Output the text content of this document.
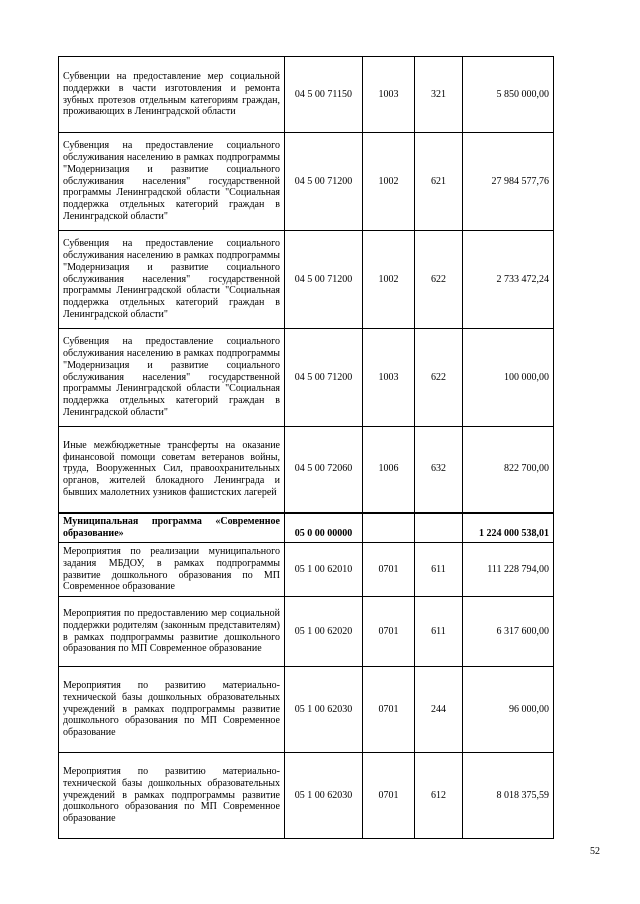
Субвенции на предоставление мер социальной поддержки в части изготовления и ремонта зубных протезов отдельным категориям граждан, проживающих в Ленинградской области	04 5 00 71150	1003	321	5 850 000,00
Субвенция на предоставление социального обслуживания населению в рамках подпрограммы "Модернизация и развитие социального обслуживания населения" государственной программы Ленинградской области "Социальная поддержка отдельных категорий граждан в Ленинградской области"	04 5 00 71200	1002	621	27 984 577,76
Субвенция на предоставление социального обслуживания населению в рамках подпрограммы "Модернизация и развитие социального обслуживания населения" государственной программы Ленинградской области "Социальная поддержка отдельных категорий граждан в Ленинградской области"	04 5 00 71200	1002	622	2 733 472,24
Субвенция на предоставление социального обслуживания населению в рамках подпрограммы "Модернизация и развитие социального обслуживания населения" государственной программы Ленинградской области "Социальная поддержка отдельных категорий граждан в Ленинградской области"	04 5 00 71200	1003	622	100 000,00
Иные межбюджетные трансферты на оказание финансовой помощи советам ветеранов войны, труда, Вооруженных Сил, правоохранительных органов, жителей блокадного Ленинграда и бывших малолетних узников фашистских лагерей	04 5 00 72060	1006	632	822 700,00
Муниципальная программа «Современное образование»	05 0 00 00000			1 224 000 538,01
Мероприятия по реализации муниципального задания МБДОУ, в рамках подпрограммы развитие дошкольного образования по МП Современное образование	05 1 00 62010	0701	611	111 228 794,00
Мероприятия по предоставлению мер социальной поддержки родителям (законным представителям) в рамках подпрограммы развитие дошкольного образования по МП Современное образование	05 1 00 62020	0701	611	6 317 600,00
Мероприятия по развитию материально-технической базы дошкольных образовательных учреждений в рамках подпрограммы развитие дошкольного образования по МП Современное образование	05 1 00 62030	0701	244	96 000,00
Мероприятия по развитию материально-технической базы дошкольных образовательных учреждений в рамках подпрограммы развитие дошкольного образования по МП Современное образование	05 1 00 62030	0701	612	8 018 375,59
52
